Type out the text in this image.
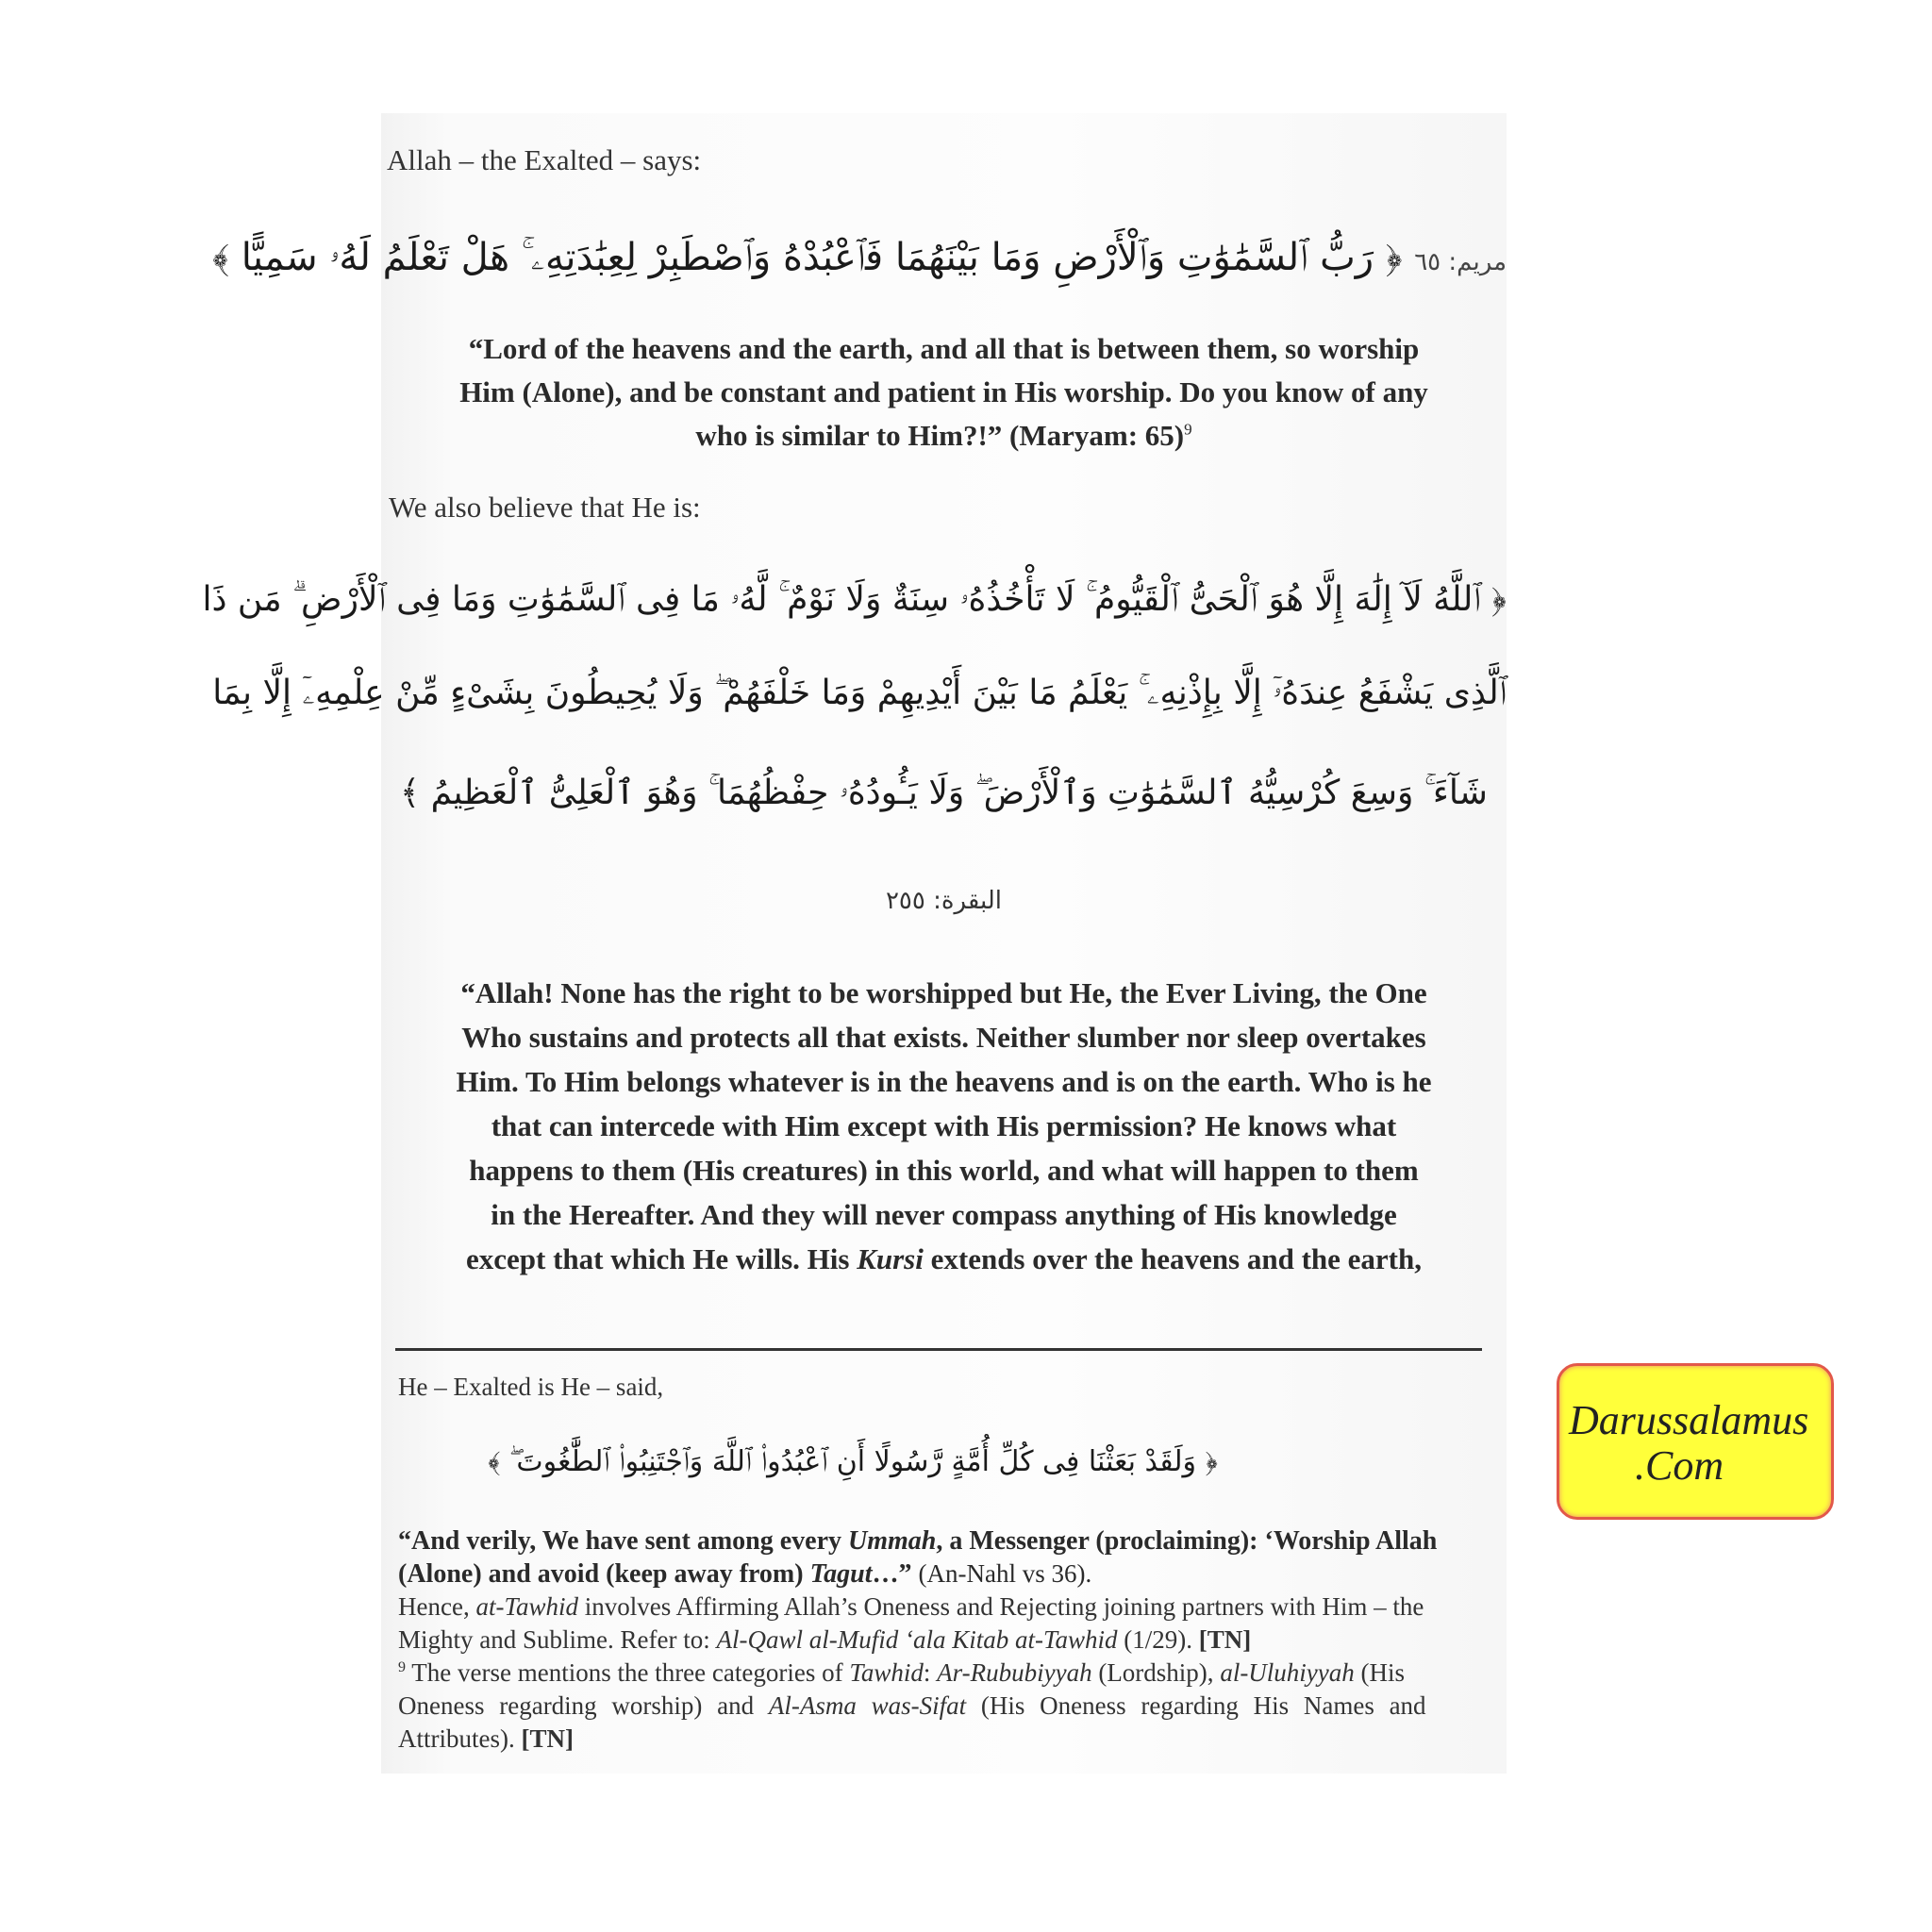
Allah – the Exalted – says:
مريم: ٦٥ ﴿ رَبُّ ٱلسَّمَٰوَٰتِ وَٱلْأَرْضِ وَمَا بَيْنَهُمَا فَٱعْبُدْهُ وَٱصْطَبِرْ لِعِبَٰدَتِهِۦ ۚ هَلْ تَعْلَمُ لَهُۥ سَمِيًّا ﴾
“Lord of the heavens and the earth, and all that is between them, so worship
Him (Alone), and be constant and patient in His worship. Do you know of any
who is similar to Him?!” (Maryam: 65)$^9$
We also believe that He is:
﴿ ٱللَّهُ لَآ إِلَٰهَ إِلَّا هُوَ ٱلْحَىُّ ٱلْقَيُّومُ ۚ لَا تَأْخُذُهُۥ سِنَةٌ وَلَا نَوْمٌ ۚ لَّهُۥ مَا فِى ٱلسَّمَٰوَٰتِ وَمَا فِى ٱلْأَرْضِ ۗ مَن ذَا
ٱلَّذِى يَشْفَعُ عِندَهُۥٓ إِلَّا بِإِذْنِهِۦ ۚ يَعْلَمُ مَا بَيْنَ أَيْدِيهِمْ وَمَا خَلْفَهُمْ ۖ وَلَا يُحِيطُونَ بِشَىْءٍ مِّنْ عِلْمِهِۦٓ إِلَّا بِمَا
شَآءَ ۚ وَسِعَ كُرْسِيُّهُ ٱلسَّمَٰوَٰتِ وَٱلْأَرْضَ ۖ وَلَا يَـُٔودُهُۥ حِفْظُهُمَا ۚ وَهُوَ ٱلْعَلِىُّ ٱلْعَظِيمُ ﴾
البقرة: ٢٥٥
“Allah! None has the right to be worshipped but He, the Ever Living, the One
Who sustains and protects all that exists. Neither slumber nor sleep overtakes
Him. To Him belongs whatever is in the heavens and is on the earth. Who is he
that can intercede with Him except with His permission? He knows what
happens to them (His creatures) in this world, and what will happen to them
in the Hereafter. And they will never compass anything of His knowledge
except that which He wills. His Kursi extends over the heavens and the earth,
He – Exalted is He – said,
﴿ وَلَقَدْ بَعَثْنَا فِى كُلِّ أُمَّةٍ رَّسُولًا أَنِ ٱعْبُدُوا۟ ٱللَّهَ وَٱجْتَنِبُوا۟ ٱلطَّٰغُوتَ ۖ ﴾
“And verily, We have sent among every Ummah, a Messenger (proclaiming): ‘Worship Allah
(Alone) and avoid (keep away from) Tagut…” (An-Nahl vs 36).
Hence, at-Tawhid involves Affirming Allah’s Oneness and Rejecting joining partners with Him – the
Mighty and Sublime. Refer to: Al-Qawl al-Mufid ‘ala Kitab at-Tawhid (1/29). [TN]
$^9$ The verse mentions the three categories of Tawhid: Ar-Rububiyyah (Lordship), al-Uluhiyyah (His
Oneness regarding worship) and Al-Asma was-Sifat (His Oneness regarding His Names and
Attributes). [TN]
Darussalamus
.Com
